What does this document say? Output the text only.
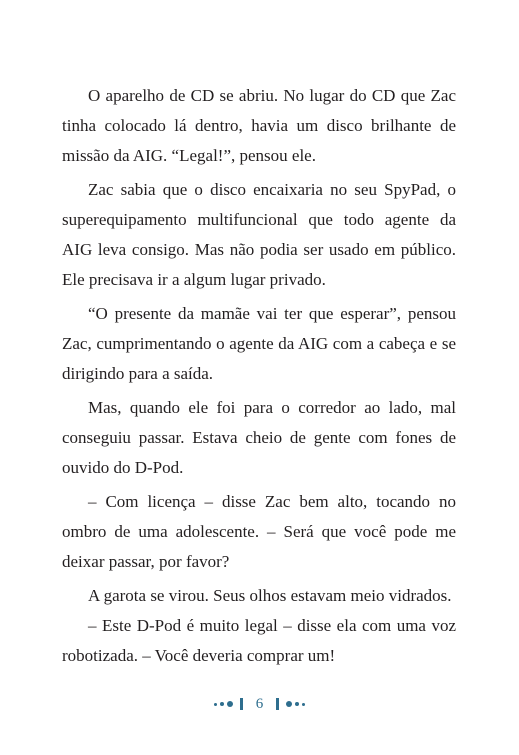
O aparelho de CD se abriu. No lugar do CD que Zac tinha colocado lá dentro, havia um disco brilhante de missão da AIG. “Legal!”, pensou ele.

Zac sabia que o disco encaixaria no seu SpyPad, o superequipamento multifuncional que todo agente da AIG leva consigo. Mas não podia ser usado em público. Ele precisava ir a algum lugar privado.

“O presente da mamãe vai ter que esperar”, pensou Zac, cumprimentando o agente da AIG com a cabeça e se dirigindo para a saída.

Mas, quando ele foi para o corredor ao lado, mal conseguiu passar. Estava cheio de gente com fones de ouvido do D-Pod.

– Com licença – disse Zac bem alto, tocando no ombro de uma adolescente. – Será que você pode me deixar passar, por favor?

A garota se virou. Seus olhos estavam meio vidrados.

– Este D-Pod é muito legal – disse ela com uma voz robotizada. – Você deveria comprar um!

6
